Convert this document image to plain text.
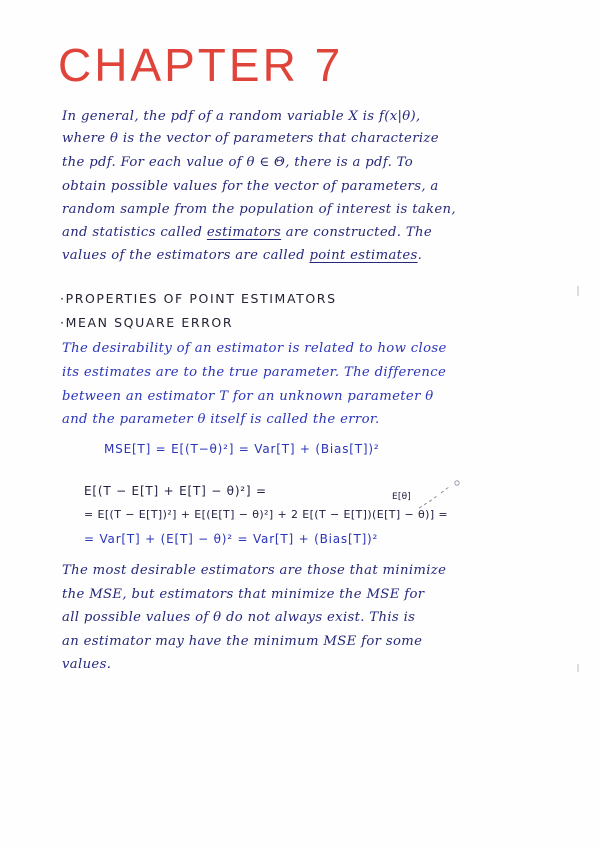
CHAPTER 7
In general, the pdf of a random variable X is f(x|θ),
where θ is the vector of parameters that characterize
the pdf. For each value of θ ∈ Θ, there is a pdf. To
obtain possible values for the vector of parameters, a
random sample from the population of interest is taken,
and statistics called estimators are constructed. The
values of the estimators are called point estimates.
·PROPERTIES OF POINT ESTIMATORS
·MEAN SQUARE ERROR
The desirability of an estimator is related to how close
its estimates are to the true parameter. The difference
between an estimator T for an unknown parameter θ
and the parameter θ itself is called the error.
MSE[T] = E[(T−θ)²] = Var[T] + (Bias[T])²
E[(T − E[T] + E[T] − θ)²] =	E[θ]
= E[(T − E[T])²] + E[(E[T] − θ)²] + 2 E[(T − E[T])(E[T] − θ)] =
= Var[T] + (E[T] − θ)² = Var[T] + (Bias[T])²
The most desirable estimators are those that minimize
the MSE, but estimators that minimize the MSE for
all possible values of θ do not always exist. This is
an estimator may have the minimum MSE for some
values.
